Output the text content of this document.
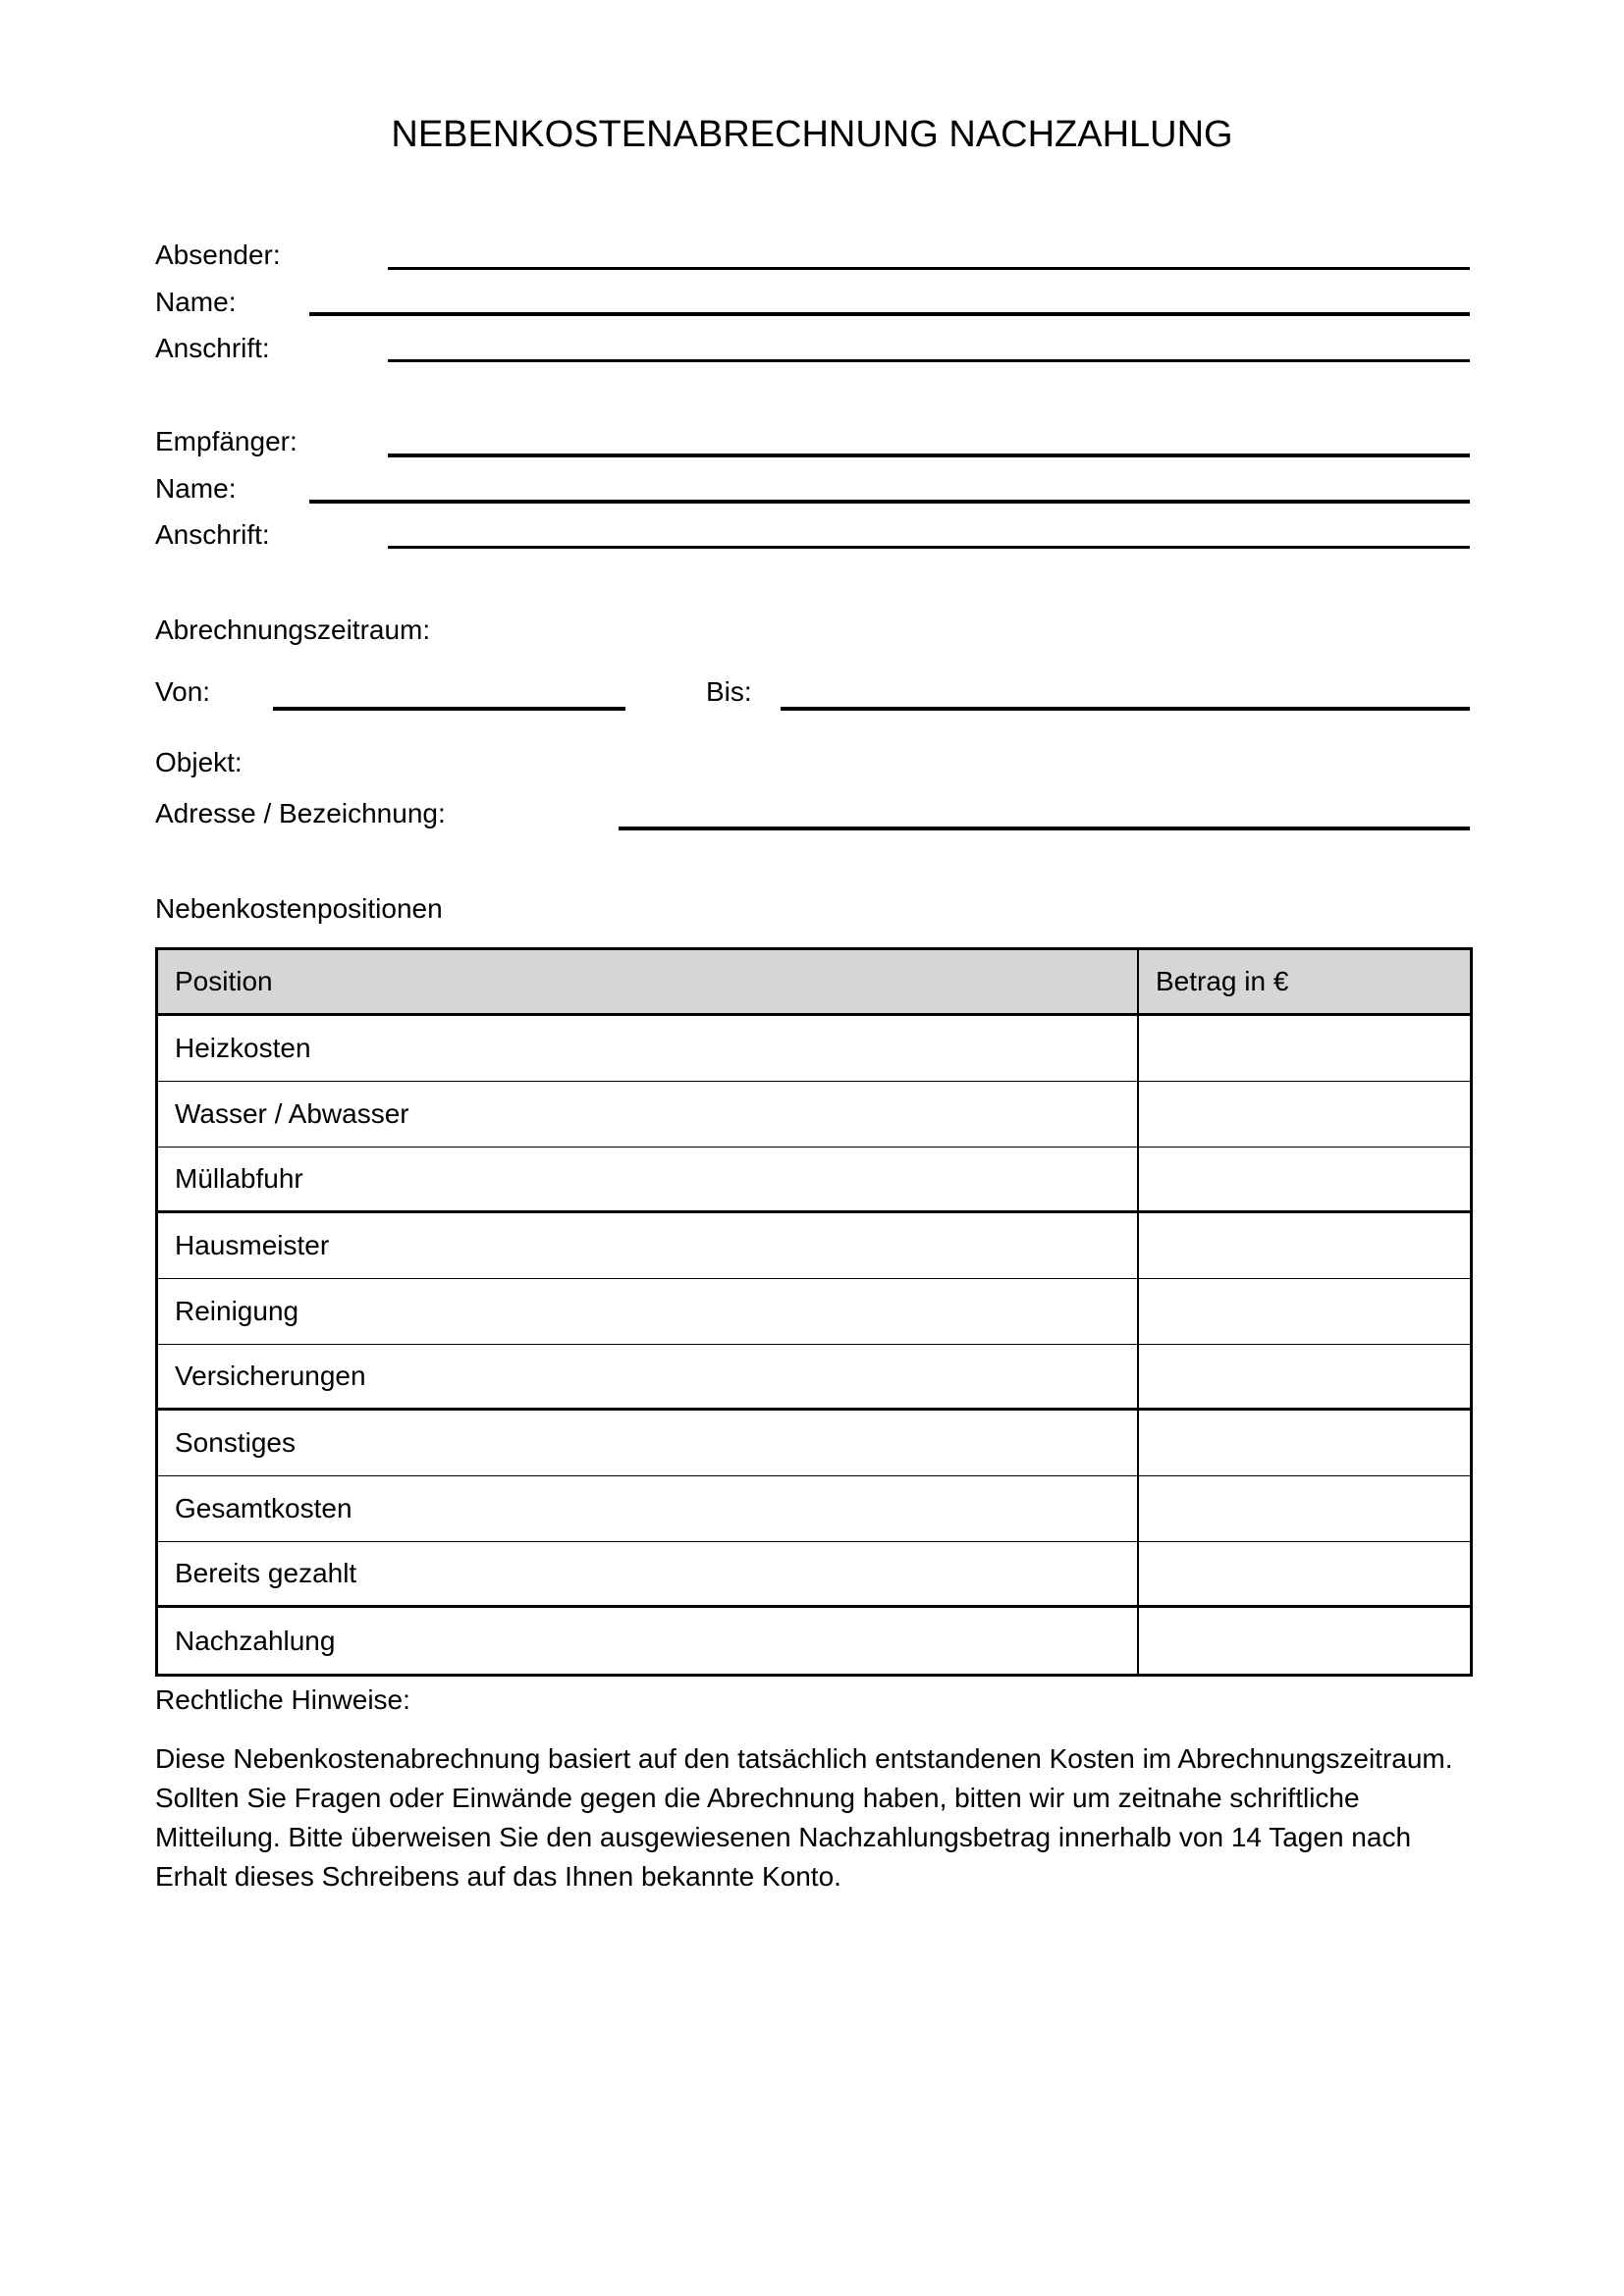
NEBENKOSTENABRECHNUNG NACHZAHLUNG
Absender:
Name:
Anschrift:
Empfänger:
Name:
Anschrift:
Abrechnungszeitraum:
Von:	Bis:
Objekt:
Adresse / Bezeichnung:
Nebenkostenpositionen
Position	Betrag in €
Heizkosten
Wasser / Abwasser
Müllabfuhr
Hausmeister
Reinigung
Versicherungen
Sonstiges
Gesamtkosten
Bereits gezahlt
Nachzahlung
Rechtliche Hinweise:
Diese Nebenkostenabrechnung basiert auf den tatsächlich entstandenen Kosten im Abrechnungszeitraum.
Sollten Sie Fragen oder Einwände gegen die Abrechnung haben, bitten wir um zeitnahe schriftliche
Mitteilung. Bitte überweisen Sie den ausgewiesenen Nachzahlungsbetrag innerhalb von 14 Tagen nach
Erhalt dieses Schreibens auf das Ihnen bekannte Konto.
